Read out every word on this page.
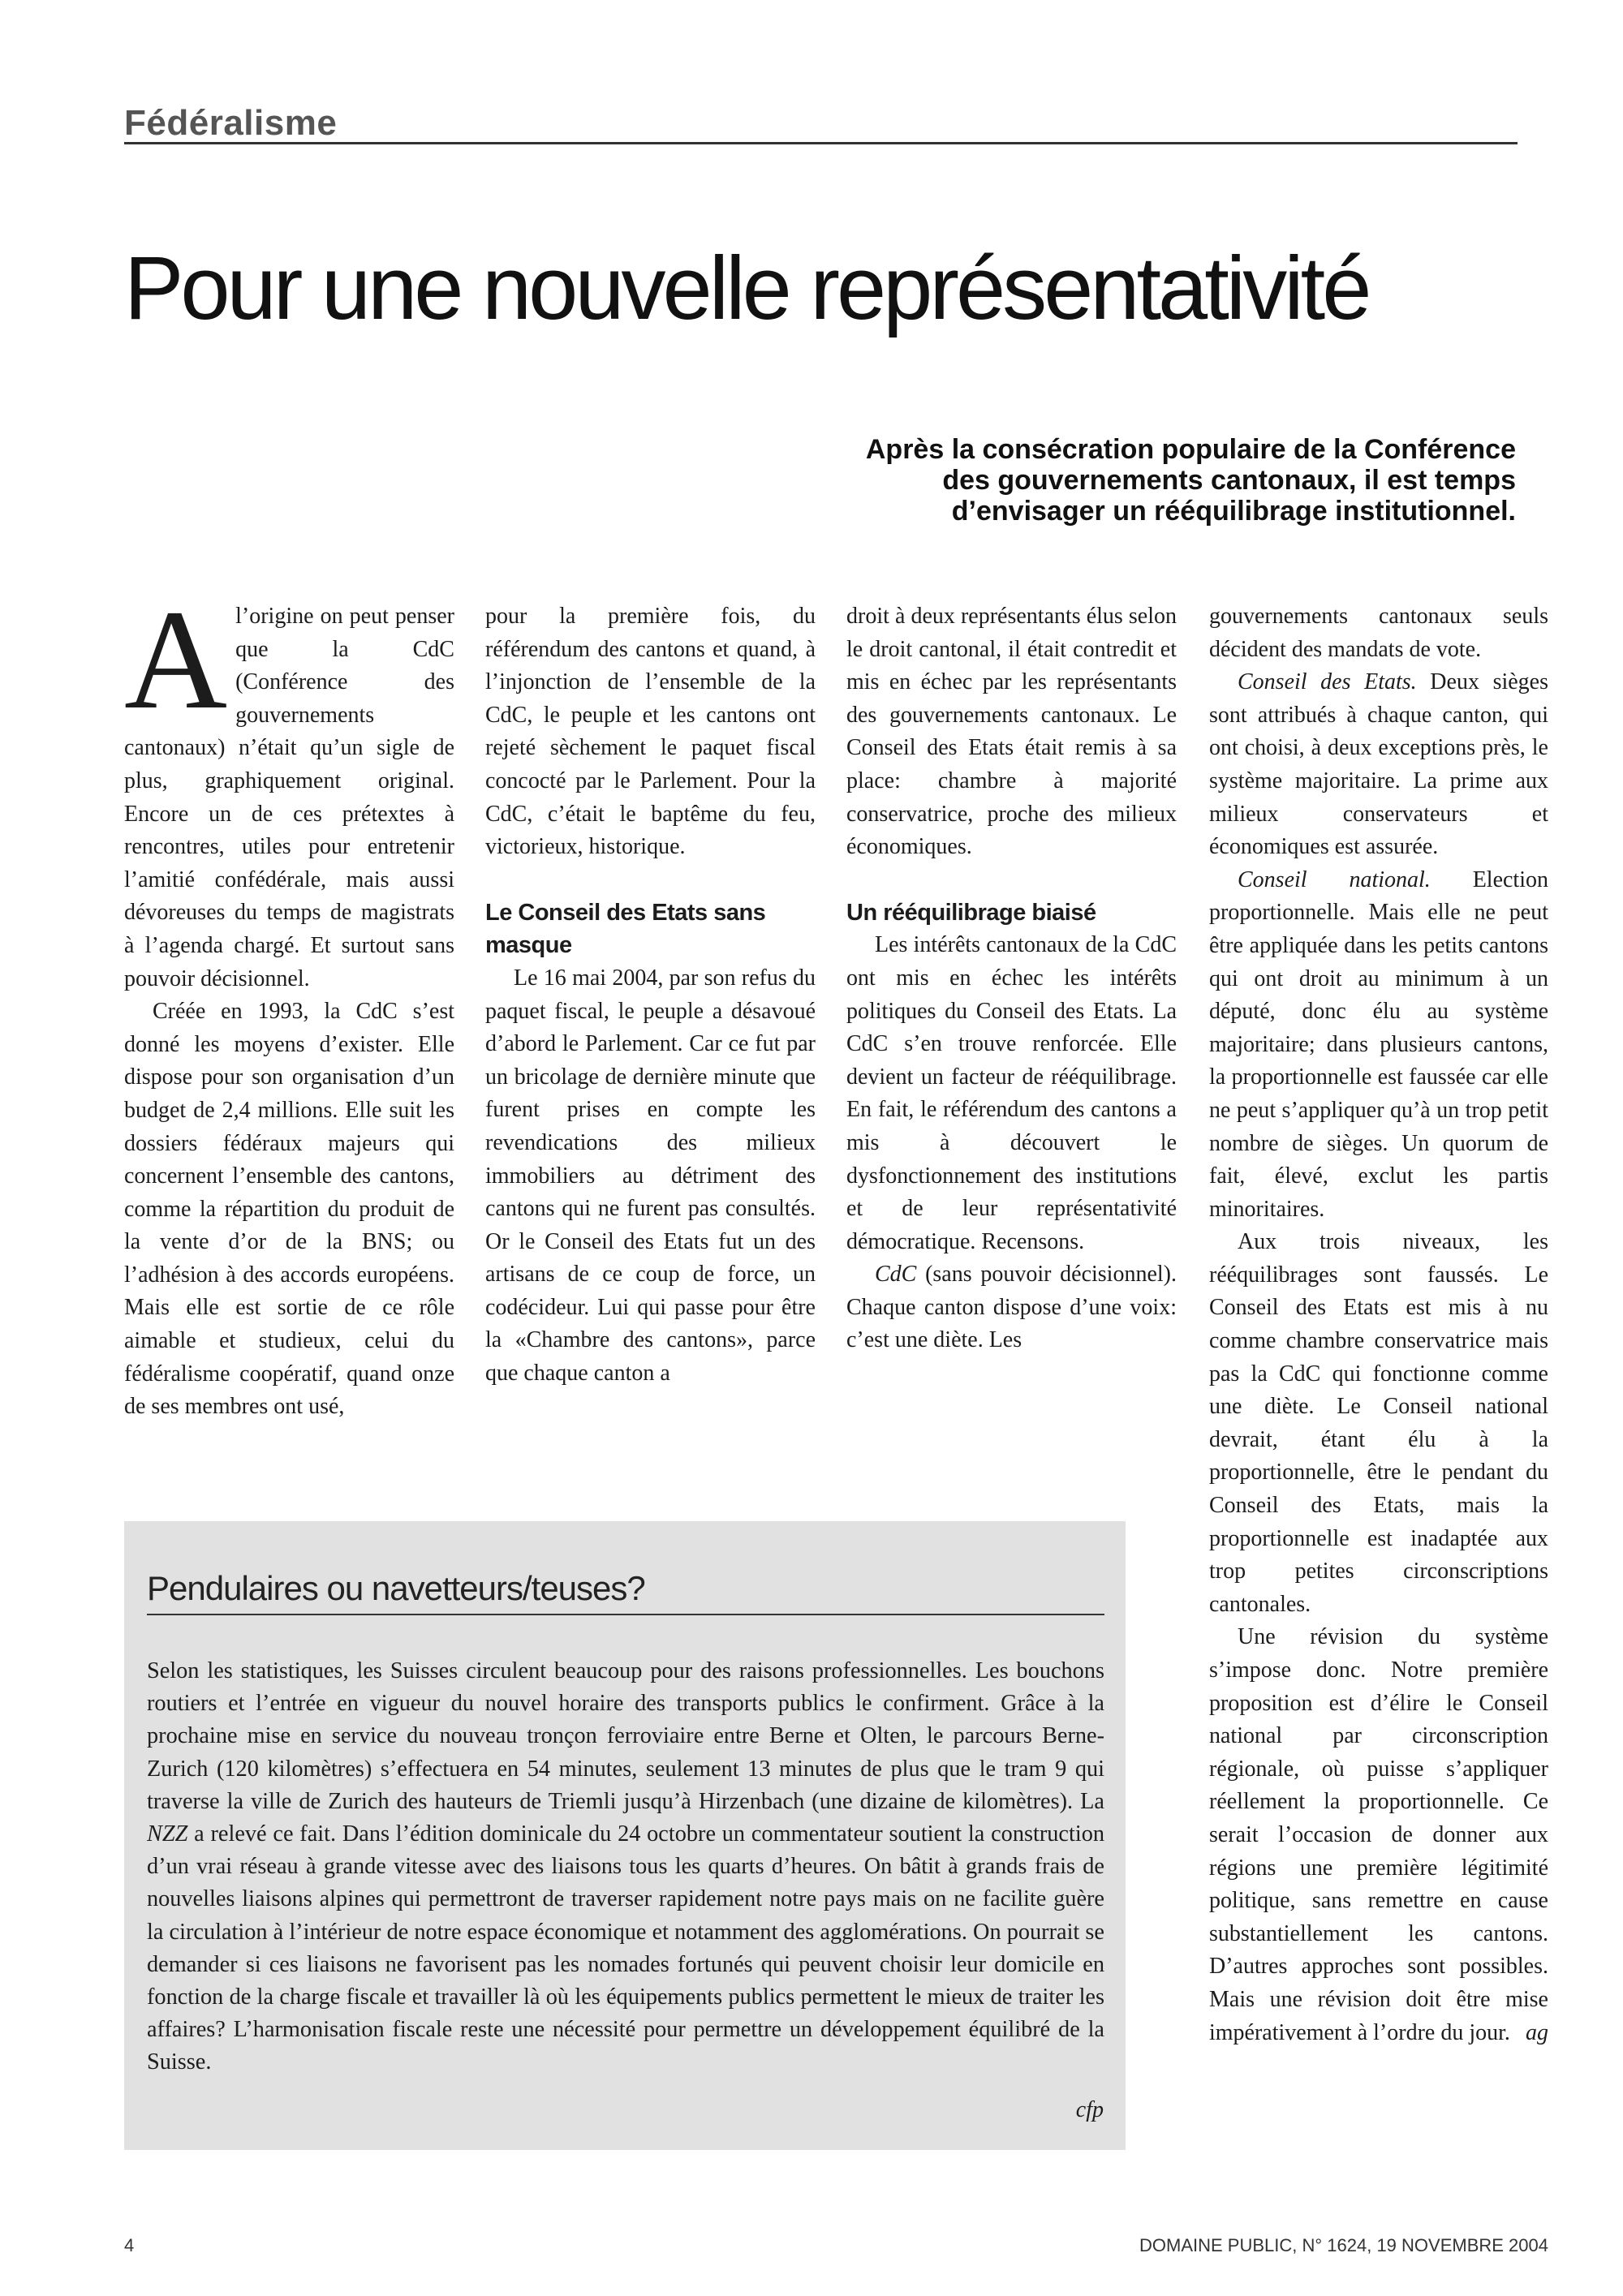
Fédéralisme
Pour une nouvelle représentativité
Après la consécration populaire de la Conférence
des gouvernements cantonaux, il est temps
d’envisager un rééquilibrage institutionnel.

Al’origine on peut penser que la CdC (Conférence des gouvernements cantonaux) n’était qu’un sigle de plus, graphiquement original. Encore un de ces prétextes à rencontres, utiles pour entretenir l’amitié confédérale, mais aussi dévoreuses du temps de magistrats à l’agenda chargé. Et surtout sans pouvoir décisionnel.

Créée en 1993, la CdC s’est donné les moyens d’exister. Elle dispose pour son organisation d’un budget de 2,4 millions. Elle suit les dossiers fédéraux majeurs qui concernent l’ensemble des cantons, comme la répartition du produit de la vente d’or de la BNS; ou l’adhésion à des accords européens. Mais elle est sortie de ce rôle aimable et studieux, celui du fédéralisme coopératif, quand onze de ses membres ont usé,

pour la première fois, du référendum des cantons et quand, à l’injonction de l’ensemble de la CdC, le peuple et les cantons ont rejeté sèchement le paquet fiscal concocté par le Parlement. Pour la CdC, c’était le baptême du feu, victorieux, historique.

Le Conseil des Etats sans masque

Le 16 mai 2004, par son refus du paquet fiscal, le peuple a désavoué d’abord le Parlement. Car ce fut par un bricolage de dernière minute que furent prises en compte les revendications des milieux immobiliers au détriment des cantons qui ne furent pas consultés. Or le Conseil des Etats fut un des artisans de ce coup de force, un codécideur. Lui qui passe pour être la «Chambre des cantons», parce que chaque canton a

droit à deux représentants élus selon le droit cantonal, il était contredit et mis en échec par les représentants des gouvernements cantonaux. Le Conseil des Etats était remis à sa place: chambre à majorité conservatrice, proche des milieux économiques.

Un rééquilibrage biaisé

Les intérêts cantonaux de la CdC ont mis en échec les intérêts politiques du Conseil des Etats. La CdC s’en trouve renforcée. Elle devient un facteur de rééquilibrage. En fait, le référendum des cantons a mis à découvert le dysfonctionnement des institutions et de leur représentativité démocratique. Recensons.

CdC (sans pouvoir décisionnel). Chaque canton dispose d’une voix: c’est une diète. Les

gouvernements cantonaux seuls décident des mandats de vote.

Conseil des Etats. Deux sièges sont attribués à chaque canton, qui ont choisi, à deux exceptions près, le système majoritaire. La prime aux milieux conservateurs et économiques est assurée.

Conseil national. Election proportionnelle. Mais elle ne peut être appliquée dans les petits cantons qui ont droit au minimum à un député, donc élu au système majoritaire; dans plusieurs cantons, la proportionnelle est faussée car elle ne peut s’appliquer qu’à un trop petit nombre de sièges. Un quorum de fait, élevé, exclut les partis minoritaires.

Aux trois niveaux, les rééquilibrages sont faussés. Le Conseil des Etats est mis à nu comme chambre conservatrice mais pas la CdC qui fonctionne comme une diète. Le Conseil national devrait, étant élu à la proportionnelle, être le pendant du Conseil des Etats, mais la proportionnelle est inadaptée aux trop petites circonscriptions cantonales.

Une révision du système s’impose donc. Notre première proposition est d’élire le Conseil national par circonscription régionale, où puisse s’appliquer réellement la proportionnelle. Ce serait l’occasion de donner aux régions une première légitimité politique, sans remettre en cause substantiellement les cantons. D’autres approches sont possibles. Mais une révision doit être mise impérativement à l’ordre du jour. ag

Pendulaires ou navetteurs/teuses?

Selon les statistiques, les Suisses circulent beaucoup pour des raisons professionnelles. Les bouchons routiers et l’entrée en vigueur du nouvel horaire des transports publics le confirment. Grâce à la prochaine mise en service du nouveau tronçon ferroviaire entre Berne et Olten, le parcours Berne-Zurich (120 kilomètres) s’effectuera en 54 minutes, seulement 13 minutes de plus que le tram 9 qui traverse la ville de Zurich des hauteurs de Triemli jusqu’à Hirzenbach (une dizaine de kilomètres). La NZZ a relevé ce fait. Dans l’édition dominicale du 24 octobre un commentateur soutient la construction d’un vrai réseau à grande vitesse avec des liaisons tous les quarts d’heures. On bâtit à grands frais de nouvelles liaisons alpines qui permettront de traverser rapidement notre pays mais on ne facilite guère la circulation à l’intérieur de notre espace économique et notamment des agglomérations. On pourrait se demander si ces liaisons ne favorisent pas les nomades fortunés qui peuvent choisir leur domicile en fonction de la charge fiscale et travailler là où les équipements publics permettent le mieux de traiter les affaires? L’harmonisation fiscale reste une nécessité pour permettre un développement équilibré de la Suisse.

cfp
4	DOMAINE PUBLIC, N° 1624, 19 NOVEMBRE 2004
